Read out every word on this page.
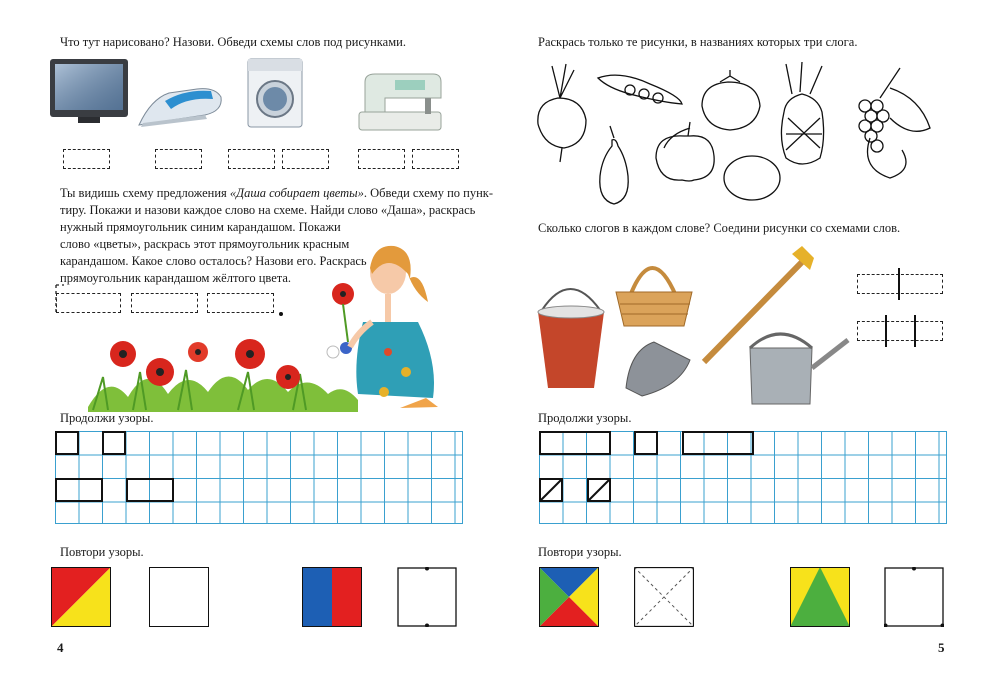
Что тут нарисовано? Назови. Обведи схемы слов под рисунками.
Ты видишь схему предложения «Даша собирает цветы». Обведи схему по пунк-
тиру. Покажи и назови каждое слово на схеме. Найди слово «Даша», раскрась
нужный прямоугольник синим карандашом. Покажи
слово «цветы», раскрась этот прямоугольник красным
карандашом. Какое слово осталось? Назови его. Раскрась
прямоугольник карандашом жёлтого цвета.
Продолжи узоры.
Повтори узоры.
4
Раскрась только те рисунки, в названиях которых три слога.
Сколько слогов в каждом слове? Соедини рисунки со схемами слов.
Продолжи узоры.
Повтори узоры.
5
